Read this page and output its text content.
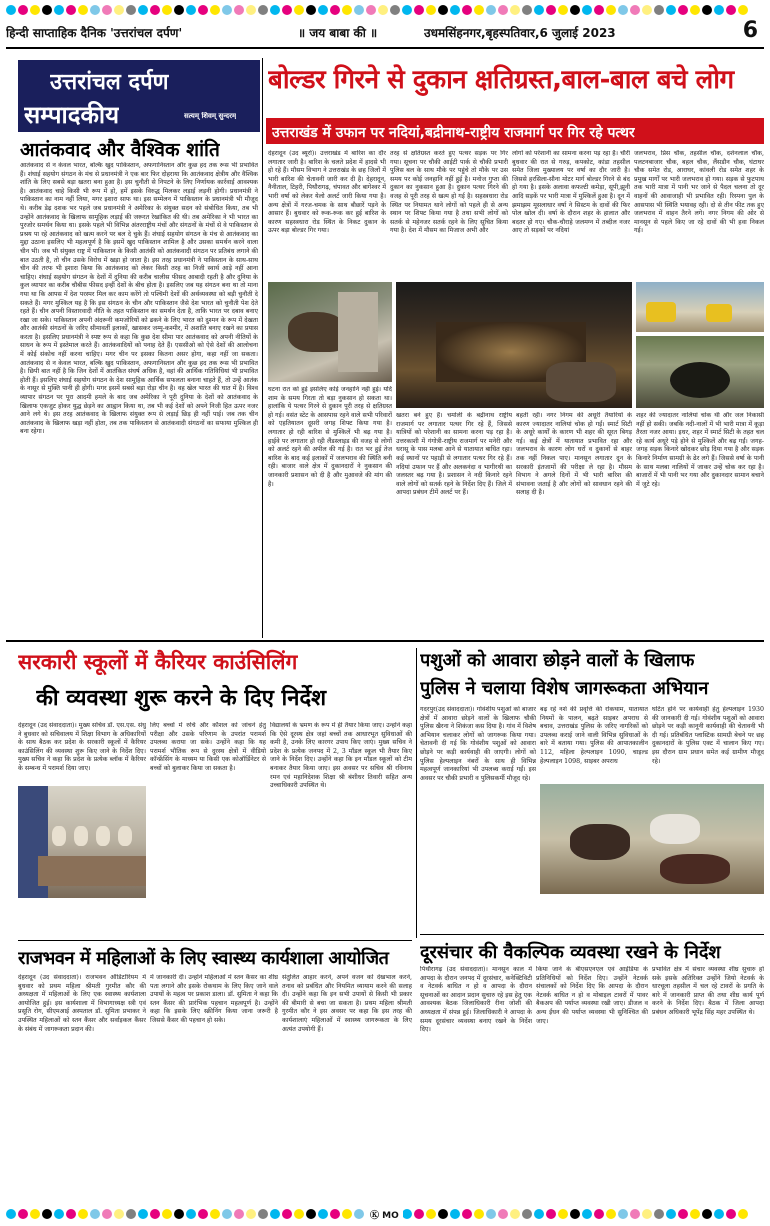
हिन्दी साप्ताहिक दैनिक 'उत्तरांचल दर्पण'	॥ जय बाबा की ॥	उधमसिंहनगर,बृहस्पतिवार,6 जुलाई 2023	6
उत्तरांचल दर्पण
सम्पादकीय	सत्यम् शिवम् सुन्दरम्
आतंकवाद और वैश्विक शांति
आतंकवाद से न केवल भारत, बल्कि खुद पाकिस्तान, अफगानिस्तान और कुछ हद तक रूस भी प्रभावित हैं। शंघाई सहयोग संगठन के मंच से प्रधानमंत्री ने एक बार फिर दोहराया कि आतंकवाद क्षेत्रीय और वैश्विक शांति के लिए सबसे बड़ा खतरा बना हुआ है। इस चुनौती से निपटने के लिए निर्णायक कार्रवाई आवश्यक है। आतंकवाद चाहे किसी भी रूप में हो, हमें इसके विरुद्ध मिलकर लड़ाई लड़नी होगी। प्रधानमंत्री ने पाकिस्तान का नाम नहीं लिया, मगर इशारा साफ था। इस सम्मेलन में पाकिस्तान के प्रधानमंत्री भी मौजूद थे। करीब डेढ़ दशक भर पहले जब प्रधानमंत्री ने अमेरिका के संयुक्त सदन को संबोधित किया, तब भी उन्होंने आतंकवाद के खिलाफ सामूहिक लड़ाई की जरूरत रेखांकित की थी। तब अमेरिका ने भी भारत का पुरजोर समर्थन किया था। इसके पहले भी विभिन्न अंतरराष्ट्रीय मंचों और संगठनों के मंचों से वे पाकिस्तान से प्रश्रय पा रहे आतंकवाद को खत्म करने पर बल दे चुके हैं। शंघाई सहयोग संगठन के मंच से आतंकवाद का मुद्दा उठाना इसलिए भी महत्वपूर्ण है कि इसमें खुद पाकिस्तान शामिल है और उसका समर्थन करने वाला चीन भी। जब भी संयुक्त राष्ट्र में पाकिस्तान के किसी आतंकी को आतंकवादी संगठन पर प्रतिबंध लगाने की बात उठती है, तो चीन उसके विरोध में खड़ा हो जाता है। इस तरह प्रधानमंत्री ने पाकिस्तान के साथ-साथ चीन की तरफ भी इशारा किया कि आतंकवाद को लेकर किसी तरह का निजी स्वार्थ आड़े नहीं आना चाहिए। शंघाई सहयोग संगठन के देशों में दुनिया की करीब चालीस फीसद आबादी रहती है और दुनिया के कुल व्यापार का करीब चौबीस फीसद इन्हीं देशों के बीच होता है। इसलिए जब यह संगठन बना था तो माना गया था कि आपस में देश परस्पर मिल कर काम करेंगे तो पश्चिमी देशों की अर्थव्यवस्था को बड़ी चुनौती दे सकते हैं। मगर मुश्किल यह है कि इस संगठन के चीन और पाकिस्तान जैसे देश भारत को चुनौती पेश देते रहते हैं। चीन अपनी विस्तारवादी नीति के तहत पाकिस्तान का समर्थन देता है, ताकि भारत पर दबाव बनाए रखा जा सके। पाकिस्तान अपनी अंदरूनी कमजोरियों को ढकने के लिए भारत को दुश्मन के रूप में देखता और आतंकी संगठनों के जरिए सीमावर्ती इलाकों, खासकर जम्मू-कश्मीर, में अशांति बनाए रखने का प्रयास करता है। इसलिए प्रधानमंत्री ने स्पष्ट रूप से कहा कि कुछ देश सीमा पार आतंकवाद को अपनी नीतियों के साधन के रूप में इस्तेमाल करते हैं। आतंकवादियों को पनाह देते हैं। एससीओ को ऐसे देशों की आलोचना में कोई संकोच नहीं करना चाहिए। मगर चीन पर इसका कितना असर होगा, कहा नहीं जा सकता। आतंकवाद से न केवल भारत, बल्कि खुद पाकिस्तान, अफगानिस्तान और कुछ हद तक रूस भी प्रभावित है। छिपी बात नहीं है कि जिन देशों में आतंकित संघर्ष अधिक है, वहां की आर्थिक गतिविधियां भी प्रभावित होती हैं। इसलिए शंघाई सहयोग संगठन के देश सामूहिक आर्थिक सफलता बनाना चाहते हैं, तो उन्हें आतंक के नासूर से मुक्ति पानी ही होगी। मगर इसमें सबसे बड़ा रोड़ा चीन है। वह खेल भारत की घात में है। विश्व व्यापार संगठन पर पूरा आदमी हमले के बाद जब अमेरिका ने पूरी दुनिया के देशों को आतंकवाद के खिलाफ एकजुट होकर युद्ध छेड़ने का आह्वान किया था, तब भी कई देशों को अपने निजी हित ऊपर नजर आने लगे थे। इस तरह आतंकवाद के खिलाफ संयुक्त रूप से लड़ाई छिड़ ही नहीं पाई। जब तक चीन आतंकवाद के खिलाफ खड़ा नहीं होता, तब तक पाकिस्तान से आतंकवादी संगठनों का सफाया मुश्किल ही बना रहेगा।
बोल्डर गिरने से दुकान क्षतिग्रस्त,बाल-बाल बचे लोग
उत्तराखंड में उफान पर नदियां,बद्रीनाथ-राष्ट्रीय राजमार्ग पर गिर रहे पत्थर
देहरादून (उद ब्यूरो)। उत्तराखंड में बारिश का दौर लगातार जारी है। बारिश के चलते प्रदेश में हादसे भी हो रहे हैं। मौसम विभाग ने उत्तराखंड के छह जिलों में भारी बारिश की चेतावनी जारी कर दी है। देहरादून, नैनीताल, टिहरी, पिथौरागढ़, चंपावत और बागेश्वर में भारी वर्षा को लेकर येलो अलर्ट जारी किया गया है। अन्य क्षेत्रों में गरज-चमक के साथ बौछारें पड़ने के आसार हैं। बुधवार को रूक-रूक कर हुई बारिश के कारण सहस्त्रधारा रोड स्थित के निकट दुकान के ऊपर बड़ा बोल्डर गिर गया।
तरह से क्षतिग्रस्त करते हुए पत्थर सड़क पर गिर गया। सूचना पर चौकी आईटी पार्क से चौकी प्रभारी पुलिस बल के साथ मौके पर पहुंचे तो मौके पर उस समय पर कोई जनहानि नहीं हुई है। मनोज गुप्ता की दुकान का नुकसान हुआ है। दुकान पत्थर गिरने की वजह से पूरी तरह से खत्म हो गई है। सहस्त्रधारा रोड स्थित पर नियामत थाने लोगों को पहले ही से अन्य स्थान पर शिफ्ट किया गया है तथा सभी लोगों को सतर्क से महेनजर सतर्क रहने के लिए सूचित किया गया है। देश में मौसम का मिजाज अभी और
लोगों को परेशानी का सामना करना पड़ रहा है। चौरी बुधवार की रात से गरुड़, कपकोट, कांडा तहसील समेत जिला मुख्यालय पर वर्षा का दौर जारी है। जिससे हरसिला-सौना मोटर मार्ग बोल्डर गिरने से बंद हो गया है। इसके अलावा कफल्टी कमेड़ा, सूपी,झूनी आदि सड़कें पर भारी मात्रा में मुश्किलें हुआ है। दून में झमाझम मूसलाधार वर्षा ने सिस्टम के दावों की फिर पोल खोल दी। वर्षा के दौरान शहर के हालात और बदतर हो गए। चौक-चौराहे जलमग्न में तब्दील नजर आए तो सड़कों पर नदियां
जलभराव, प्रिंस चौक, तहसील चौक, दर्शनलाल चौक, पलटनबाजार चौक, बहल चौक, लैंसडौन चौक, घंटाघर चौक समेत रोड, आराघर, कांवली रोड समेत शहर के प्रमुख मार्गों पर भारी जलभराव हो गया। सड़क से फुटपाथ तक भारी मात्रा में पानी भर जाने से पैदल चलना तो दूर वाहनों की आवाजाही भी प्रभावित रही। रिस्पना पुल के आसपास भी स्थिति भयावह रही। दो से तीन फीट तक हुए जलभराव में वाहन तैरने लगे। नगर निगम की ओर से मानसून से पहले किए जा रहे दावों की भी हवा निकल गई।
घटना रात को हुई इसलिए कोई जनहानि नहीं हुई। यदि शाम के समय गिरता तो बड़ा नुकसान हो सकता था। हालांकि ये पत्थर गिरने से दुकान पूरी तरह से क्षतिग्रस्त हो गई। वसंत स्टेट के आसपास रहने वाले सभी परिवारों को एहतियातन दूसरी जगह शिफ्ट किया गया है। लगातार हो रही बारिश से मुश्किलें भी बढ़ गया है। हाईवे पर लगातार हो रही लैंडस्लाइड की वजह से लोगों को अलर्ट रहने की अपील की गई है। रात भर हुई तेज बारिश के बाद कई इलाकों में जलभराव की स्थिति बनी रही। बाजार वाले क्षेत्र में दुकानदारों ने नुकसान की जानकारी प्रशासन को दी है और मुआवजे की मांग की है।
खतरा बने हुए हैं। चमोली के बद्रीनाथ राष्ट्रीय राजमार्ग पर लगातार पत्थर गिर रहे हैं, जिससे यात्रियों को परेशानी का सामना करना पड़ रहा है। उत्तरकाशी में गंगोत्री-राष्ट्रीय राजमार्ग पर मनेरी और धरासू के पास मलबा आने से यातायात बाधित रहा। कई स्थानों पर पहाड़ी से लगातार पत्थर गिर रहे हैं। नदियां उफान पर हैं और अलकनंदा व भागीरथी का जलस्तर बढ़ गया है। प्रशासन ने नदी किनारे रहने वाले लोगों को सतर्क रहने के निर्देश दिए हैं। जिले में आपदा प्रबंधन टीमें अलर्ट पर हैं।
बहती रही। नगर निगम की अधूरी तैयारियों के कारण ज्यादातर नालियां चोक हो गईं। स्मार्ट सिटी के अधूरे कार्यों के कारण भी शहर की सूरत बिगड़ गई। कई क्षेत्रों में यातायात प्रभावित रहा और जलभराव के कारण लोग घरों व दुकानों से बाहर तक नहीं निकल पाए। मानसून लगातार दून के सरकारी इंतजामों की परीक्षा ले रहा है। मौसम विभाग ने अगले दिनों में भी भारी बारिश की संभावना जताई है और लोगों को सावधान रहने की सलाह दी है।
शहर की ज्यादातर नालियां चोक थीं और जल निकासी नहीं हो सकी। जबकि नदी-नालों में भी भारी मात्रा में कूड़ा तैरता नजर आया। इधर, शहर में स्मार्ट सिटी के तहत चल रहे कार्य अधूरे पड़े होने से मुश्किलें और बढ़ गईं। जगह-जगह सड़क किनारे खोदकर छोड़ दिया गया है और सड़क किनारे निर्माण सामग्री के ढेर लगे हैं। जिससे वर्षा के पानी के साथ मलबा नालियों में जाकर उन्हें चोक कर रहा है। बाजारों में भी पानी भर गया और दुकानदार सामान बचाने में जुटे रहे।
सरकारी स्कूलों में कैरियर काउंसिलिंग
की व्यवस्था शुरू करने के दिए निर्देश
देहरादून (उद संवाददाता)। मुख्य सचिव डॉ. एस.एस. संधु ने बुधवार को सचिवालय में शिक्षा विभाग के अधिकारियों के साथ बैठक कर प्रदेश के सरकारी स्कूलों में कैरियर काउंसिलिंग की व्यवस्था शुरू किए जाने के निर्देश दिए। मुख्य सचिव ने कहा कि प्रदेश के प्रत्येक ब्लॉक में कैरियर के सम्बन्ध में परामर्श दिया जाए।
लिए बच्चों में रुचि और कौशल को जांचने हेतु परीक्षा और उसके परिणाम के उपरांत परामर्श उपलब्ध कराया जा सके। उन्होंने कहा कि यह परामर्श भौतिक रूप से दुरस्थ क्षेत्रों में वीडियो कॉन्फ्रेंसिंग के माध्यम या किसी एक कोऑर्डिनेटर से बच्चों को बुलाकर किया जा सकता है।
विद्यालयों के भ्रमण के रूप में ही तैयार किया जाए। उन्होंने कहा कि ऐसे दूरस्थ क्षेत्र जहां बच्चों तक आधारभूत सुविधाओं की कमी है, उनके लिए कारगर उपाय किए जाएं। मुख्य सचिव ने प्रदेश के प्रत्येक जनपद में 2, 3 मॉडल स्कूल भी तैयार किए जाने के निर्देश दिए। उन्होंने कहा कि इन मॉडल स्कूलों को टीम बनाकर तैयार किया जाए। इस अवसर पर सचिव श्री रविनाथ रमन एवं महानिदेशक शिक्षा श्री बंशीधर तिवारी सहित अन्य उच्चाधिकारी उपस्थित थे।
पशुओं को आवारा छोड़ने वालों के खिलाफ
पुलिस ने चलाया विशेष जागरूकता अभियान
गदरपुर(उद संवाददाता)। गोवंशीय पशुओं को बाजार क्षेत्रों में आवारा छोड़ने वालों के खिलाफ चौकी पुलिस खैरना ने शिकंजा कस दिया है। गांव में विशेष अभियान चलाकर लोगों को जागरूक किया गया। चेतावनी दी गई कि गोवंशीय पशुओं को आवारा छोड़ने पर कड़ी कार्यवाही की जाएगी। लोगों को पुलिस हेल्पलाइन नंबरों के साथ ही विभिन्न महत्वपूर्ण जानकारियां भी उपलब्ध कराई गईं। इस अवसर पर चौकी प्रभारी व पुलिसकर्मी मौजूद रहे।
बढ़ रहे नशे की प्रवृत्ति की रोकथाम, यातायात नियमों के पालन, बढ़ते साइबर अपराध से बचाव, उत्तराखंड पुलिस के जरिए नागरिकों को उपलब्ध कराई जाने वाली विभिन्न सुविधाओं के बारे में बताया गया। पुलिस की आपातकालीन 112, महिला हेल्पलाइन 1090, चाइल्ड हेल्पलाइन 1098, साइबर अपराध
घटित होने पर कार्यवाही हेतु हेल्पलाइन 1930 की जानकारी दी गई। गोवंशीय पशुओं को आवारा छोड़ने पर कड़ी कानूनी कार्यवाही की चेतावनी भी दी गई। प्रतिबंधित प्लास्टिक सामग्री बेचने पर छह दुकानदारों के पुलिस एक्ट में चालान किए गए। इस दौरान ग्राम प्रधान समेत कई ग्रामीण मौजूद रहे।
दूरसंचार की वैकल्पिक व्यवस्था रखने के निर्देश
पिथौरागढ़ (उद संवाददाता)। मानसून काल में आपदा के दौरान जनपद में दूरसंचार, कनेक्टिविटी व नेटवर्क बाधित न हो व आपदा के दौरान सूचनाओं का आदान प्रदान सुचारु रहे इस हेतु एक आवश्यक बैठक जिलाधिकारी रीना जोशी की अध्यक्षता में संपन्न हुई। जिलाधिकारी ने आपदा के समय दूरसंचार व्यवस्था बनाए रखने के निर्देश दिए।
किया जाने के बीएसएनएल एवं आईडिया के प्रतिनिधियों को निर्देश दिए। उन्होंने नेटवर्क संचालकों को निर्देश दिए कि आपदा के दौरान नेटवर्क बाधित न हो व मोबाइल टावरों में पावर बैकअप की पर्याप्त व्यवस्था रखी जाए। डीजल व अन्य ईंधन की पर्याप्त व्यवस्था भी सुनिश्चित की जाए।
प्रभावित क्षेत्र में संचार व्यवस्था शीघ्र सुचारु हो सके इसके अतिरिक्त उन्होंने जियो नेटवर्क के धारचूला तहसील में चल रहे टावरों के प्रगति के बारे में जानकारी प्राप्त की तथा शीघ्र कार्य पूर्ण करने के निर्देश दिए। बैठक में जिला आपदा प्रबंधन अधिकारी भूपेंद्र सिंह महर उपस्थित थे।
राजभवन में महिलाओं के लिए स्वास्थ्य कार्यशाला आयोजित
देहरादून (उद संवाददाता)। राजभवन ऑडिटोरियम में बुधवार को प्रथम महिला श्रीमती गुरमीत कौर की अध्यक्षता में महिलाओं के लिए एक स्वास्थ्य कार्यशाला आयोजित हुई। इस कार्यशाला में विभागाध्यक्ष स्त्री एवं प्रसूति रोग, सीएमआई अस्पताल डॉ. सुमिता प्रभाकर ने उपस्थित महिलाओं को स्तन कैंसर और सर्वाइकल कैंसर के संबंध में जागरूकता प्रदान की।
में जानकारी दी। उन्होंने महिलाओं में स्तन कैंसर का शीघ्र पता लगाने और इसके रोकथाम के लिए किए जाने वाले उपायों के महत्व पर प्रकाश डाला। डॉ. सुमिता ने कहा कि स्तन कैंसर की प्रारंभिक पहचान महत्वपूर्ण है। उन्होंने कहा कि इसके लिए स्क्रीनिंग किया जाना जरूरी है जिससे कैंसर की पहचान हो सके।
संतुलित आहार करने, अपने वजन को देखभाल करने, तनाव को प्रबंधित और नियमित व्यायाम करने की सलाह दी। उन्होंने कहा कि इन सभी उपायों से किसी भी प्रकार की बीमारी से बचा जा सकता है। प्रथम महिला श्रीमती गुरमीत कौर ने इस अवसर पर कहा कि इस तरह की कार्यशालाएं महिलाओं में स्वास्थ्य जागरूकता के लिए अत्यंत उपयोगी हैं।
Ⓚ MO
